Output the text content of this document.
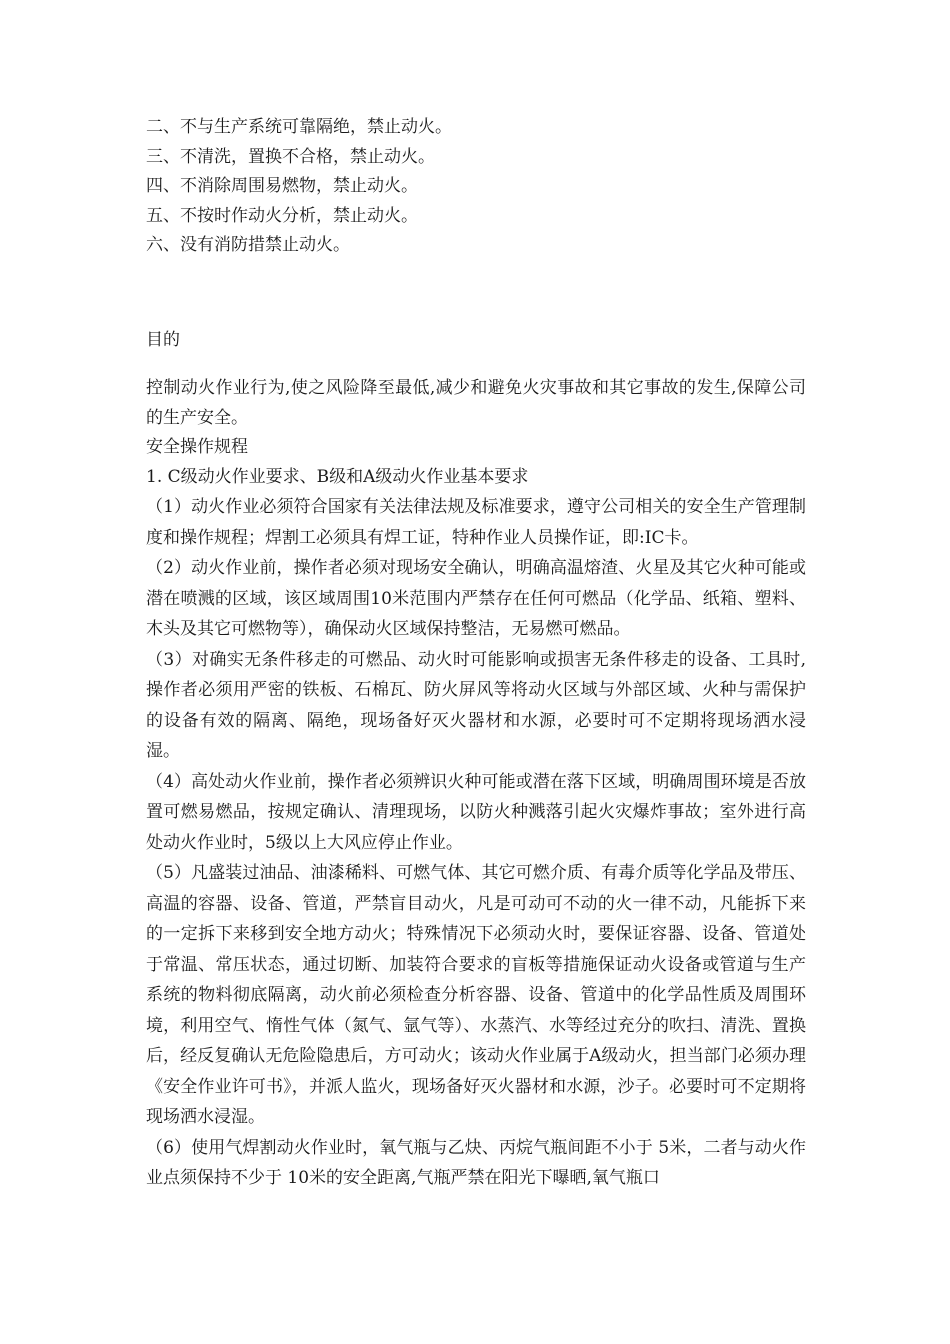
二、不与生产系统可靠隔绝，禁止动火。

三、不清洗，置换不合格，禁止动火。

四、不消除周围易燃物，禁止动火。

五、不按时作动火分析，禁止动火。

六、没有消防措禁止动火。

目的

控制动火作业行为,使之风险降至最低,减少和避免火灾事故和其它事故的发生,保障公司的生产安全。

安全操作规程

1. C级动火作业要求、B级和A级动火作业基本要求

（1）动火作业必须符合国家有关法律法规及标准要求，遵守公司相关的安全生产管理制度和操作规程；焊割工必须具有焊工证，特种作业人员操作证，即:IC卡。

（2）动火作业前，操作者必须对现场安全确认，明确高温熔渣、火星及其它火种可能或潜在喷溅的区域，该区域周围10米范围内严禁存在任何可燃品（化学品、纸箱、塑料、木头及其它可燃物等），确保动火区域保持整洁，无易燃可燃品。

（3）对确实无条件移走的可燃品、动火时可能影响或损害无条件移走的设备、工具时,操作者必须用严密的铁板、石棉瓦、防火屏风等将动火区域与外部区域、火种与需保护的设备有效的隔离、隔绝，现场备好灭火器材和水源，必要时可不定期将现场洒水浸湿。

（4）高处动火作业前，操作者必须辨识火种可能或潜在落下区域，明确周围环境是否放置可燃易燃品，按规定确认、清理现场，以防火种溅落引起火灾爆炸事故；室外进行高处动火作业时，5级以上大风应停止作业。

（5）凡盛装过油品、油漆稀料、可燃气体、其它可燃介质、有毒介质等化学品及带压、高温的容器、设备、管道，严禁盲目动火，凡是可动可不动的火一律不动，凡能拆下来的一定拆下来移到安全地方动火；特殊情况下必须动火时，要保证容器、设备、管道处于常温、常压状态，通过切断、加装符合要求的盲板等措施保证动火设备或管道与生产系统的物料彻底隔离，动火前必须检查分析容器、设备、管道中的化学品性质及周围环境，利用空气、惰性气体（氮气、氩气等）、水蒸汽、水等经过充分的吹扫、清洗、置换后，经反复确认无危险隐患后，方可动火；该动火作业属于A级动火，担当部门必须办理《安全作业许可书》，并派人监火，现场备好灭火器材和水源，沙子。必要时可不定期将现场洒水浸湿。

（6）使用气焊割动火作业时，氧气瓶与乙炔、丙烷气瓶间距不小于 5米，二者与动火作业点须保持不少于 10米的安全距离,气瓶严禁在阳光下曝晒,氧气瓶口
